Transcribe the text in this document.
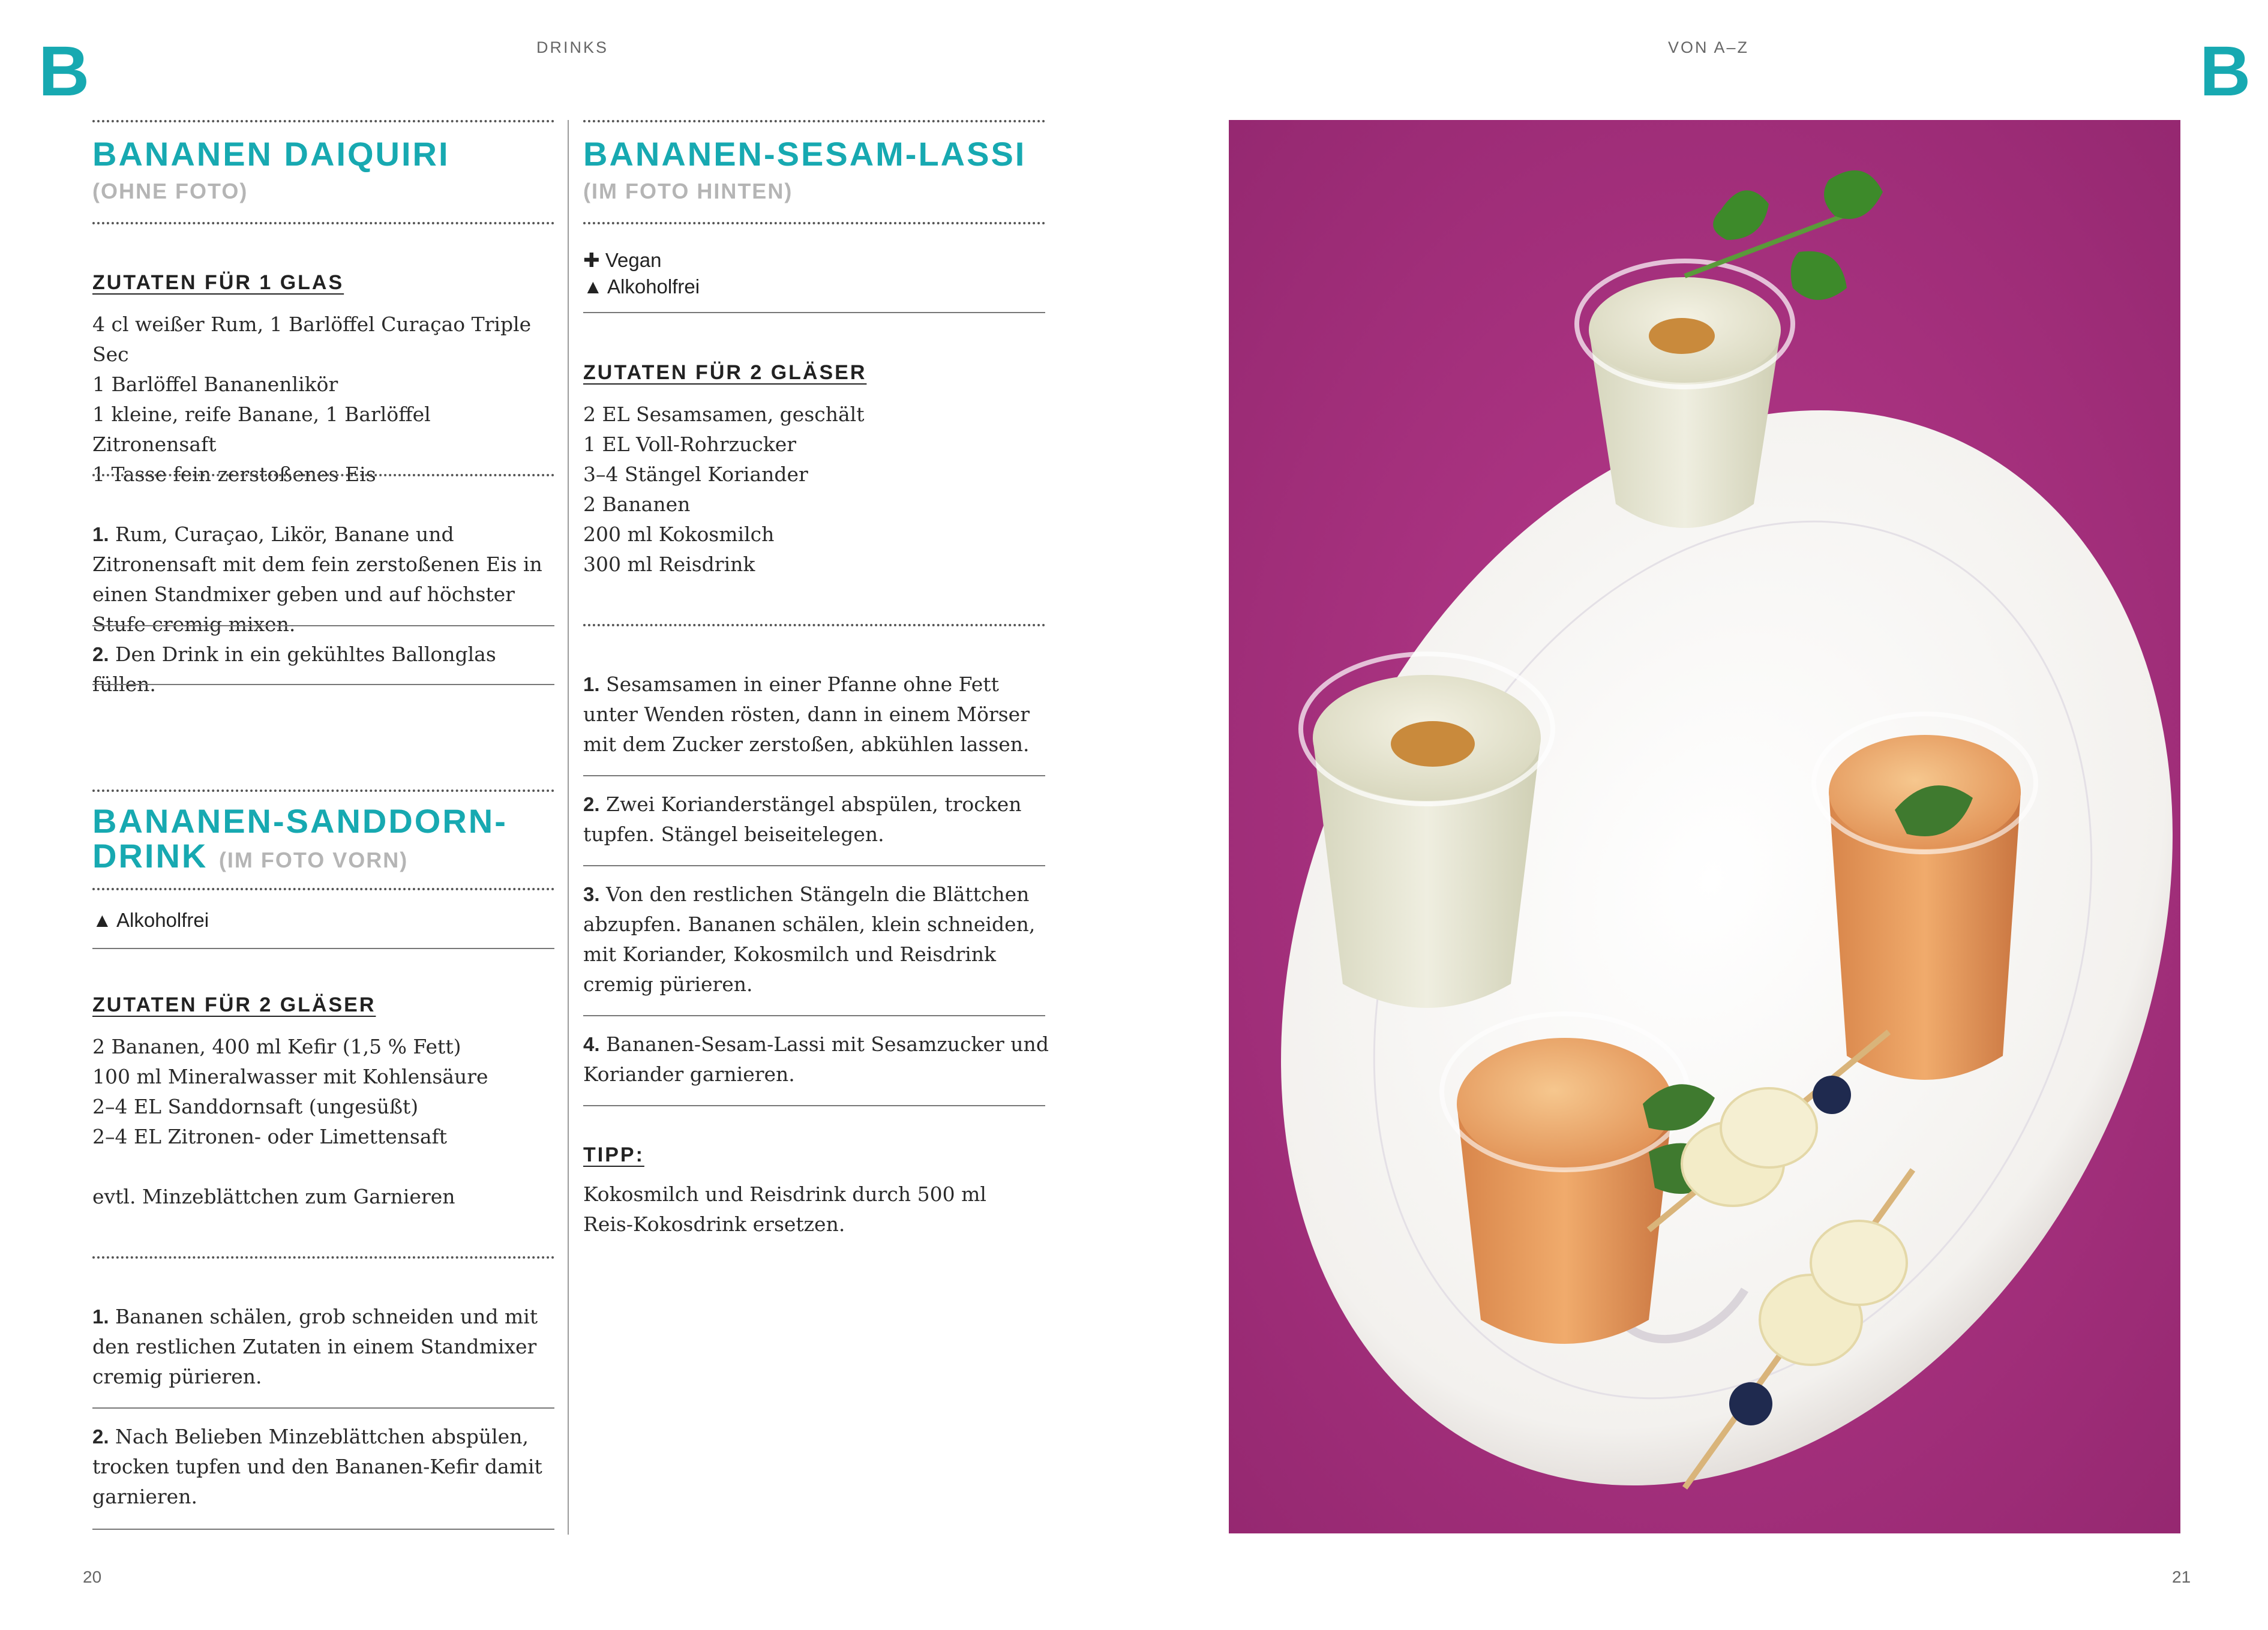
B	B
DRINKS	VON A–Z
20	21
BANANEN DAIQUIRI
(OHNE FOTO)
ZUTATEN FÜR 1 GLAS
4 cl weißer Rum, 1 Barlöffel Curaçao Triple Sec
1 Barlöffel Bananenlikör
1 kleine, reife Banane, 1 Barlöffel Zitronensaft
1 Tasse fein zerstoßenes Eis
1. Rum, Curaçao, Likör, Banane und Zitronensaft mit dem fein zerstoßenen Eis in einen Standmixer geben und auf höchster Stufe cremig mixen.
2. Den Drink in ein gekühltes Ballonglas füllen.
BANANEN-SANDDORN-
DRINK (IM FOTO VORN)
▲ Alkoholfrei
ZUTATEN FÜR 2 GLÄSER
2 Bananen, 400 ml Kefir (1,5 % Fett)
100 ml Mineralwasser mit Kohlensäure
2–4 EL Sanddornsaft (ungesüßt)
2–4 EL Zitronen- oder Limettensaft
evtl. Minzeblättchen zum Garnieren
1. Bananen schälen, grob schneiden und mit den restlichen Zutaten in einem Standmixer cremig pürieren.
2. Nach Belieben Minzeblättchen abspülen, trocken tupfen und den Bananen-Kefir damit garnieren.
BANANEN-SESAM-LASSI
(IM FOTO HINTEN)
✚ Vegan
▲ Alkoholfrei
ZUTATEN FÜR 2 GLÄSER
2 EL Sesamsamen, geschält
1 EL Voll-Rohrzucker
3–4 Stängel Koriander
2 Bananen
200 ml Kokosmilch
300 ml Reisdrink
1. Sesamsamen in einer Pfanne ohne Fett unter Wenden rösten, dann in einem Mörser mit dem Zucker zerstoßen, abkühlen lassen.
2. Zwei Korianderstängel abspülen, trocken tupfen. Stängel beiseitelegen.
3. Von den restlichen Stängeln die Blättchen abzupfen. Bananen schälen, klein schneiden, mit Koriander, Kokosmilch und Reisdrink cremig pürieren.
4. Bananen-Sesam-Lassi mit Sesamzucker und Koriander garnieren.
TIPP:
Kokosmilch und Reisdrink durch 500 ml Reis-Kokosdrink ersetzen.
